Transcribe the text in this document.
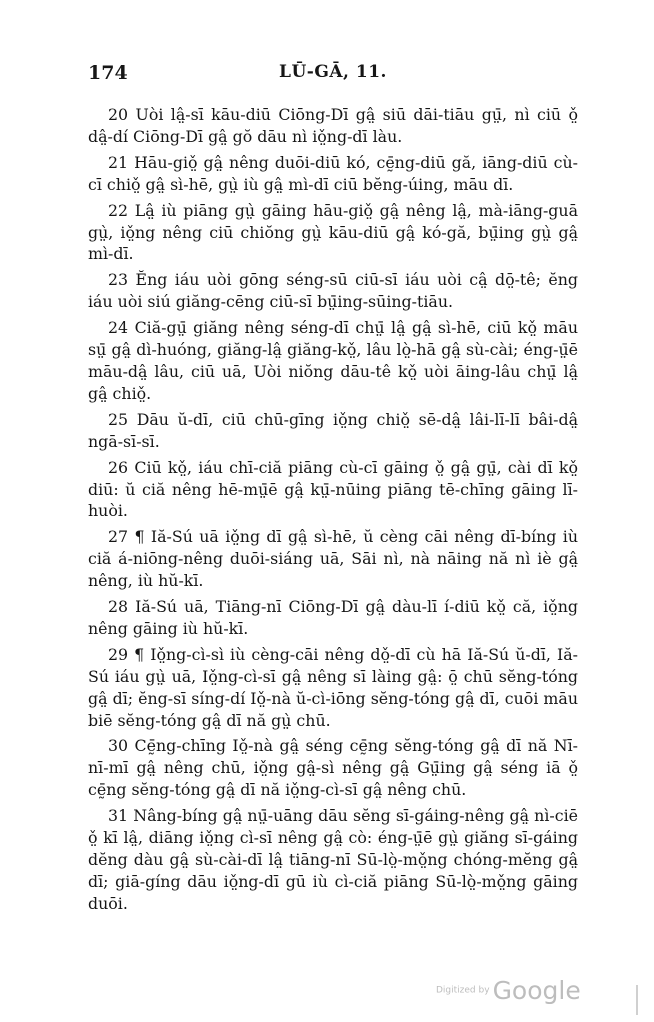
174	LŪ-GĀ, 11.

20 Uòi lâ̤-sī kāu-diū Ciōng-Dī gâ̤ siū dāi-tiāu gṳ̄, nì ciū ǒ̤ dâ̤-dí Ciōng-Dī gâ̤ gŏ dāu nì iǒ̤ng-dī làu.

21 Hāu-giǒ̤ gâ̤ nêng duōi-diū kó, cḛ̄ng-diū gă, iāng-diū cù-cī chiǒ̤ gâ̤ sì-hē, gṳ̀ iù gâ̤ mì-dī ciū bĕng-úing, māu dī.

22 Lâ̤ iù piāng gṳ̀ gāing hāu-giǒ̤ gâ̤ nêng lâ̤, mà-iāng-guā gṳ̀, iǒ̤ng nêng ciū chiŏng gṳ̀ kāu-diū gâ̤ kó-gă, bṳ̄ing gṳ̀ gâ̤ mì-dī.

23 Ĕng iáu uòi gōng séng-sū ciū-sī iáu uòi câ̤ dō̤-tê; ĕng iáu uòi siú giăng-cēng ciū-sī bṳ̄ing-sūing-tiāu.

24 Ciă-gṳ̄ giăng nêng séng-dī chṳ̄ lâ̤ gâ̤ sì-hē, ciū kǒ̤ māu sṳ̄ gâ̤ dì-huóng, giăng-lâ̤ giăng-kǒ̤, lâu lò̤-hā gâ̤ sù-cài; éng-ṳ̄ē māu-dâ̤ lâu, ciū uā, Uòi niŏng dāu-tê kǒ̤ uòi āing-lâu chṳ̄ lâ̤ gâ̤ chiǒ̤.

25 Dāu ŭ-dī, ciū chū-gīng iǒ̤ng chiǒ̤ sē-dâ̤ lâi-lī-lī bâi-dâ̤ ngā-sī-sī.

26 Ciū kǒ̤, iáu chī-ciă piāng cù-cī gāing ǒ̤ gâ̤ gṳ̄, cài dī kǒ̤ diū: ŭ ciă nêng hē-mṳ̄ē gâ̤ kṳ̄-nūing piāng tē-chīng gāing lī-huòi.

27 ¶ Iă-Sú uā iǒ̤ng dī gâ̤ sì-hē, ŭ cèng cāi nêng dī-bíng iù ciă á-niōng-nêng duōi-siáng uā, Sāi nì, nà nāing nă nì iè gâ̤ nêng, iù hŭ-kī.

28 Iă-Sú uā, Tiāng-nī Ciōng-Dī gâ̤ dàu-lī í-diū kǒ̤ că, iǒ̤ng nêng gāing iù hŭ-kī.

29 ¶ Iǒ̤ng-cì-sì iù cèng-cāi nêng dǒ̤-dī cù hā Iă-Sú ŭ-dī, Iă-Sú iáu gṳ̀ uā, Iǒ̤ng-cì-sī gâ̤ nêng sī làing gâ̤: ō̤ chū sĕng-tóng gâ̤ dī; ĕng-sī síng-dí Iǒ̤-nà ŭ-cì-iōng sĕng-tóng gâ̤ dī, cuōi māu biē sĕng-tóng gâ̤ dī nă gṳ̀ chū.

30 Cḛ̄ng-chīng Iǒ̤-nà gâ̤ séng cḛ̄ng sĕng-tóng gâ̤ dī nă Nī-nī-mī gâ̤ nêng chū, iǒ̤ng gâ̤-sì nêng gâ̤ Gṳ̄ing gâ̤ séng iā ǒ̤ cḛ̄ng sĕng-tóng gâ̤ dī nă iǒ̤ng-cì-sī gâ̤ nêng chū.

31 Nâng-bíng gâ̤ nṳ̄-uāng dāu sĕng sī-gáing-nêng gâ̤ nì-ciē ǒ̤ kī lâ̤, diāng iǒ̤ng cì-sī nêng gâ̤ cò: éng-ṳ̄ē gṳ̀ giăng sī-gáing dĕng dàu gâ̤ sù-cài-dī lâ̤ tiāng-nī Sū-lò̤-mǒ̤ng chóng-mĕng gâ̤ dī; giā-gíng dāu iǒ̤ng-dī gū iù cì-ciă piāng Sū-lò̤-mǒ̤ng gāing duōi.

Digitized by Google
